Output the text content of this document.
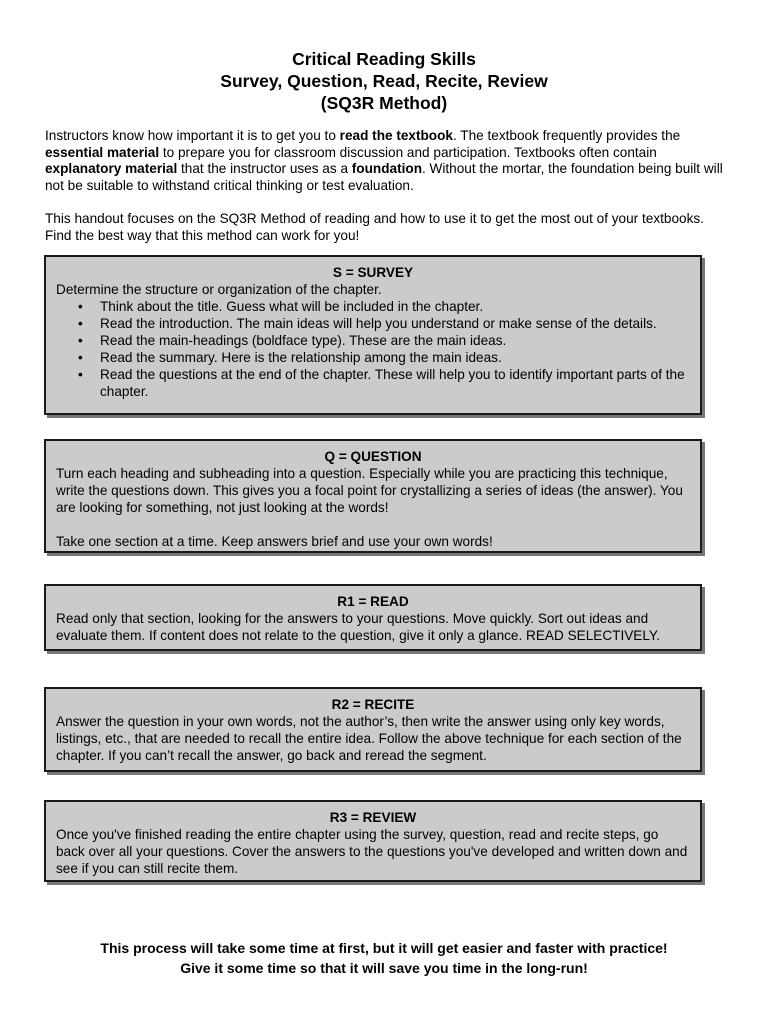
Critical Reading Skills
Survey, Question, Read, Recite, Review
(SQ3R Method)

Instructors know how important it is to get you to read the textbook. The textbook frequently provides the essential material to prepare you for classroom discussion and participation. Textbooks often contain explanatory material that the instructor uses as a foundation. Without the mortar, the foundation being built will not be suitable to withstand critical thinking or test evaluation.

This handout focuses on the SQ3R Method of reading and how to use it to get the most out of your textbooks. Find the best way that this method can work for you!

S = SURVEY

Determine the structure or organization of the chapter.

• Think about the title. Guess what will be included in the chapter.
• Read the introduction. The main ideas will help you understand or make sense of the details.
• Read the main-headings (boldface type). These are the main ideas.
• Read the summary. Here is the relationship among the main ideas.
• Read the questions at the end of the chapter. These will help you to identify important parts of the chapter.
Q = QUESTION

Turn each heading and subheading into a question. Especially while you are practicing this technique, write the questions down. This gives you a focal point for crystallizing a series of ideas (the answer). You are looking for something, not just looking at the words!

Take one section at a time. Keep answers brief and use your own words!

R1 = READ

Read only that section, looking for the answers to your questions. Move quickly. Sort out ideas and evaluate them. If content does not relate to the question, give it only a glance. READ SELECTIVELY.

R2 = RECITE

Answer the question in your own words, not the author’s, then write the answer using only key words, listings, etc., that are needed to recall the entire idea. Follow the above technique for each section of the chapter. If you can’t recall the answer, go back and reread the segment.

R3 = REVIEW

Once you've finished reading the entire chapter using the survey, question, read and recite steps, go back over all your questions. Cover the answers to the questions you've developed and written down and see if you can still recite them.

This process will take some time at first, but it will get easier and faster with practice!
Give it some time so that it will save you time in the long-run!
